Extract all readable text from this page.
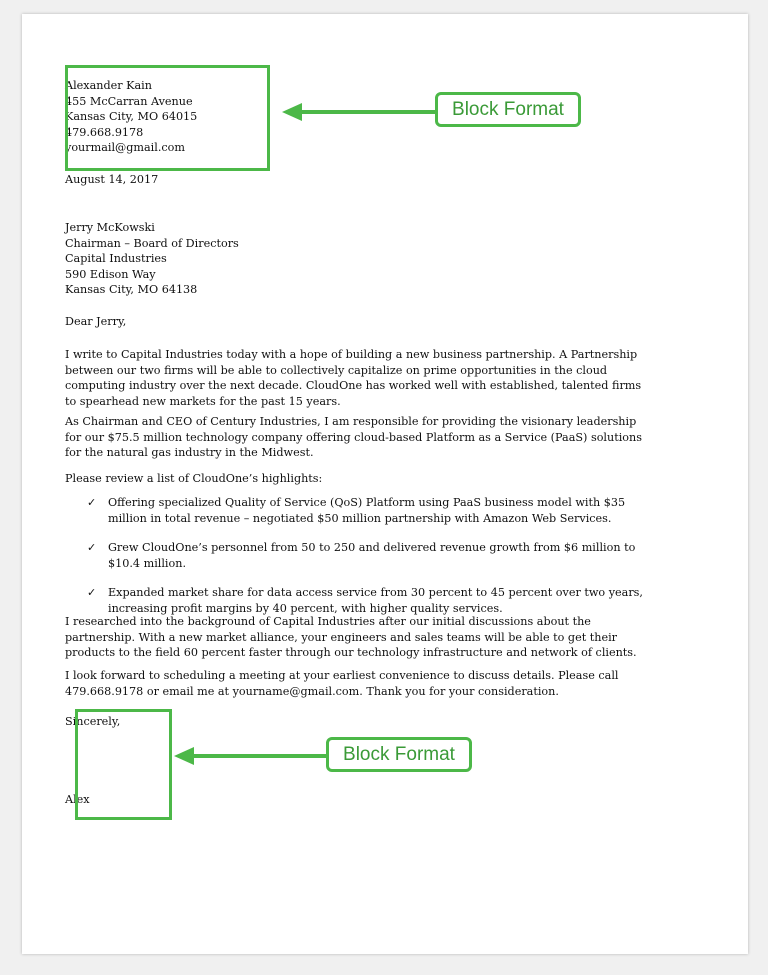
Alexander Kain

455 McCarran Avenue

Kansas City, MO 64015

479.668.9178

yourmail@gmail.com

August 14, 2017

Jerry McKowski

Chairman – Board of Directors

Capital Industries

590 Edison Way

Kansas City, MO 64138

Dear Jerry,

I write to Capital Industries today with a hope of building a new business partnership. A Partnership between our two firms will be able to collectively capitalize on prime opportunities in the cloud computing industry over the next decade. CloudOne has worked well with established, talented firms to spearhead new markets for the past 15 years.

As Chairman and CEO of Century Industries, I am responsible for providing the visionary leadership for our $75.5 million technology company offering cloud-based Platform as a Service (PaaS) solutions for the natural gas industry in the Midwest.

Please review a list of CloudOne’s highlights:

✓ Offering specialized Quality of Service (QoS) Platform using PaaS business model with $35 million in total revenue – negotiated $50 million partnership with Amazon Web Services.
✓ Grew CloudOne’s personnel from 50 to 250 and delivered revenue growth from $6 million to $10.4 million.
✓ Expanded market share for data access service from 30 percent to 45 percent over two years, increasing profit margins by 40 percent, with higher quality services.

I researched into the background of Capital Industries after our initial discussions about the partnership. With a new market alliance, your engineers and sales teams will be able to get their products to the field 60 percent faster through our technology infrastructure and network of clients.

I look forward to scheduling a meeting at your earliest convenience to discuss details. Please call 479.668.9178 or email me at yourname@gmail.com. Thank you for your consideration.

Sincerely,

Alex

Block Format
Block Format
